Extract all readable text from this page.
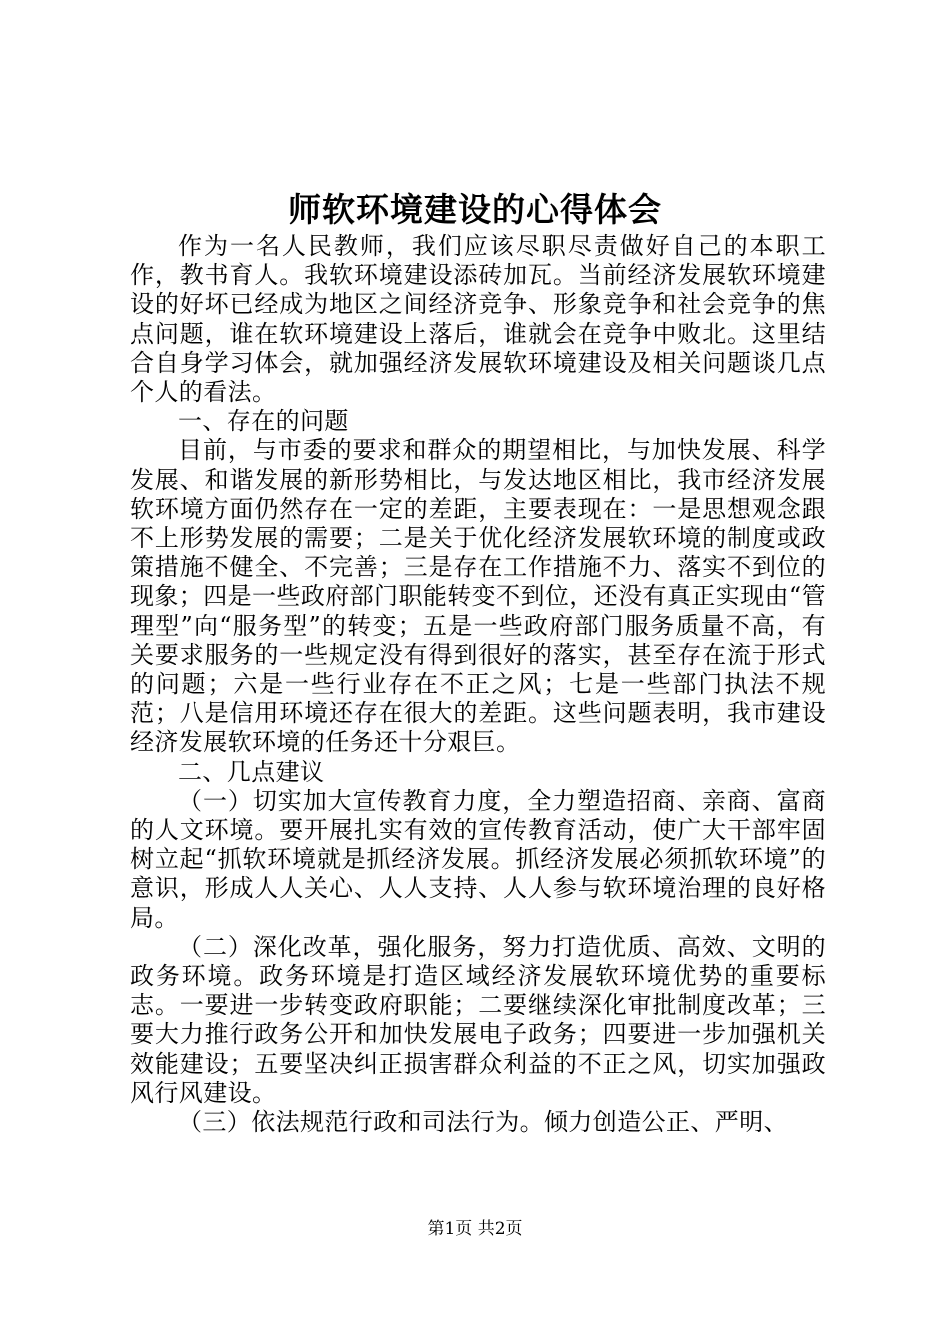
师软环境建设的心得体会

作为一名人民教师，我们应该尽职尽责做好自己的本职工作，教书育人。我软环境建设添砖加瓦。当前经济发展软环境建设的好坏已经成为地区之间经济竞争、形象竞争和社会竞争的焦点问题，谁在软环境建设上落后，谁就会在竞争中败北。这里结合自身学习体会，就加强经济发展软环境建设及相关问题谈几点个人的看法。

一、存在的问题

目前，与市委的要求和群众的期望相比，与加快发展、科学发展、和谐发展的新形势相比，与发达地区相比，我市经济发展软环境方面仍然存在一定的差距，主要表现在：一是思想观念跟不上形势发展的需要；二是关于优化经济发展软环境的制度或政策措施不健全、不完善；三是存在工作措施不力、落实不到位的现象；四是一些政府部门职能转变不到位，还没有真正实现由“管理型”向“服务型”的转变；五是一些政府部门服务质量不高，有关要求服务的一些规定没有得到很好的落实，甚至存在流于形式的问题；六是一些行业存在不正之风；七是一些部门执法不规范；八是信用环境还存在很大的差距。这些问题表明，我市建设经济发展软环境的任务还十分艰巨。

二、几点建议

（一）切实加大宣传教育力度，全力塑造招商、亲商、富商的人文环境。要开展扎实有效的宣传教育活动，使广大干部牢固树立起“抓软环境就是抓经济发展。抓经济发展必须抓软环境”的意识，形成人人关心、人人支持、人人参与软环境治理的良好格局。

（二）深化改革，强化服务，努力打造优质、高效、文明的政务环境。政务环境是打造区域经济发展软环境优势的重要标志。一要进一步转变政府职能；二要继续深化审批制度改革；三要大力推行政务公开和加快发展电子政务；四要进一步加强机关效能建设；五要坚决纠正损害群众利益的不正之风，切实加强政风行风建设。

（三）依法规范行政和司法行为。倾力创造公正、严明、

第1页 共2页
